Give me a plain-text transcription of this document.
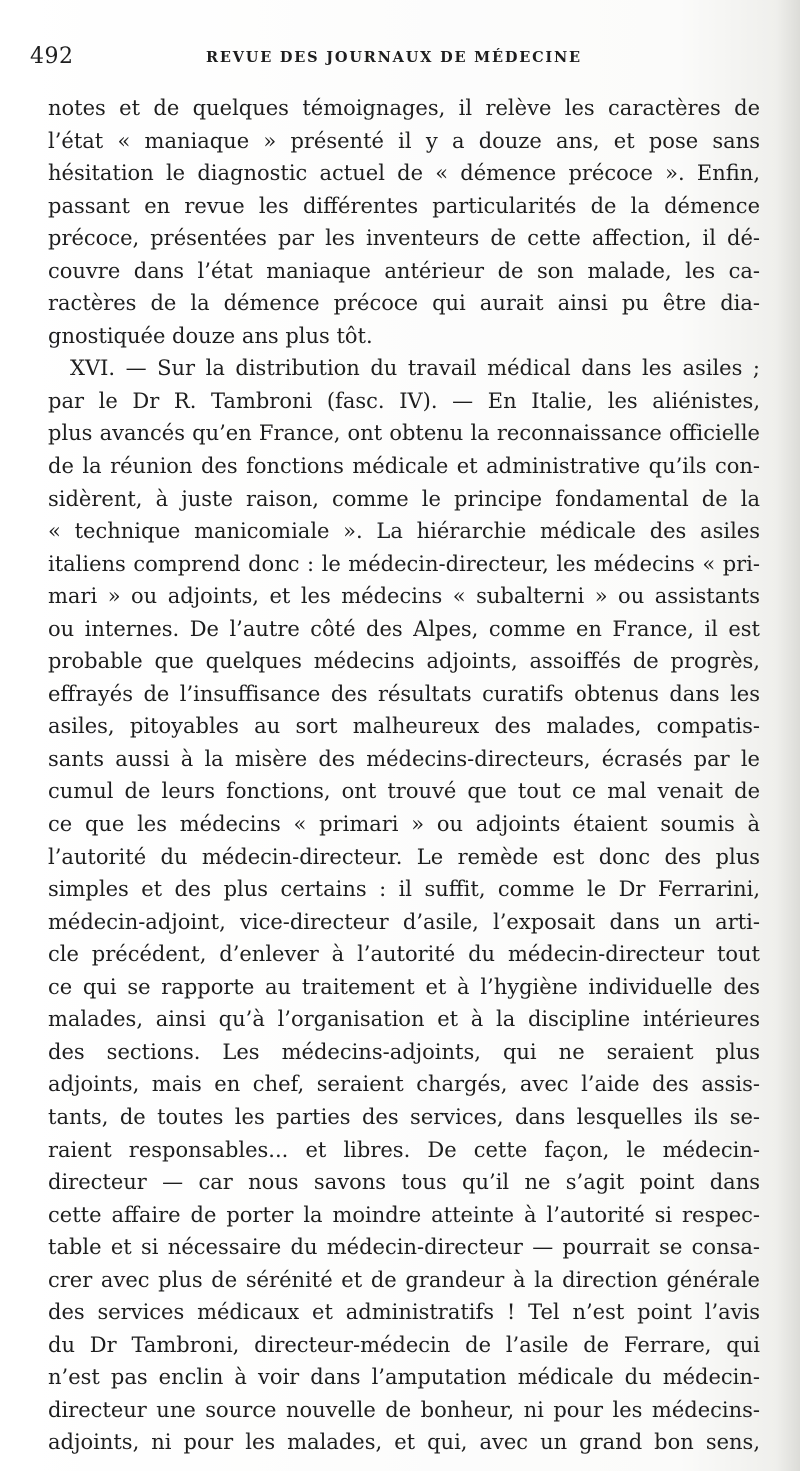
492	REVUE DES JOURNAUX DE MÉDECINE
notes et de quelques témoignages, il relève les caractères de
l’état « maniaque » présenté il y a douze ans, et pose sans
hésitation le diagnostic actuel de « démence précoce ». Enfin,
passant en revue les différentes particularités de la démence
précoce, présentées par les inventeurs de cette affection, il dé-
couvre dans l’état maniaque antérieur de son malade, les ca-
ractères de la démence précoce qui aurait ainsi pu être dia-
gnostiquée douze ans plus tôt.
XVI. — Sur la distribution du travail médical dans les asiles ;
par le Dr R. Tambroni (fasc. IV). — En Italie, les aliénistes,
plus avancés qu’en France, ont obtenu la reconnaissance officielle
de la réunion des fonctions médicale et administrative qu’ils con-
sidèrent, à juste raison, comme le principe fondamental de la
« technique manicomiale ». La hiérarchie médicale des asiles
italiens comprend donc : le médecin-directeur, les médecins « pri-
mari » ou adjoints, et les médecins « subalterni » ou assistants
ou internes. De l’autre côté des Alpes, comme en France, il est
probable que quelques médecins adjoints, assoiffés de progrès,
effrayés de l’insuffisance des résultats curatifs obtenus dans les
asiles, pitoyables au sort malheureux des malades, compatis-
sants aussi à la misère des médecins-directeurs, écrasés par le
cumul de leurs fonctions, ont trouvé que tout ce mal venait de
ce que les médecins « primari » ou adjoints étaient soumis à
l’autorité du médecin-directeur. Le remède est donc des plus
simples et des plus certains : il suffit, comme le Dr Ferrarini,
médecin-adjoint, vice-directeur d’asile, l’exposait dans un arti-
cle précédent, d’enlever à l’autorité du médecin-directeur tout
ce qui se rapporte au traitement et à l’hygiène individuelle des
malades, ainsi qu’à l’organisation et à la discipline intérieures
des sections. Les médecins-adjoints, qui ne seraient plus
adjoints, mais en chef, seraient chargés, avec l’aide des assis-
tants, de toutes les parties des services, dans lesquelles ils se-
raient responsables... et libres. De cette façon, le médecin-
directeur — car nous savons tous qu’il ne s’agit point dans
cette affaire de porter la moindre atteinte à l’autorité si respec-
table et si nécessaire du médecin-directeur — pourrait se consa-
crer avec plus de sérénité et de grandeur à la direction générale
des services médicaux et administratifs ! Tel n’est point l’avis
du Dr Tambroni, directeur-médecin de l’asile de Ferrare, qui
n’est pas enclin à voir dans l’amputation médicale du médecin-
directeur une source nouvelle de bonheur, ni pour les médecins-
adjoints, ni pour les malades, et qui, avec un grand bon sens,
